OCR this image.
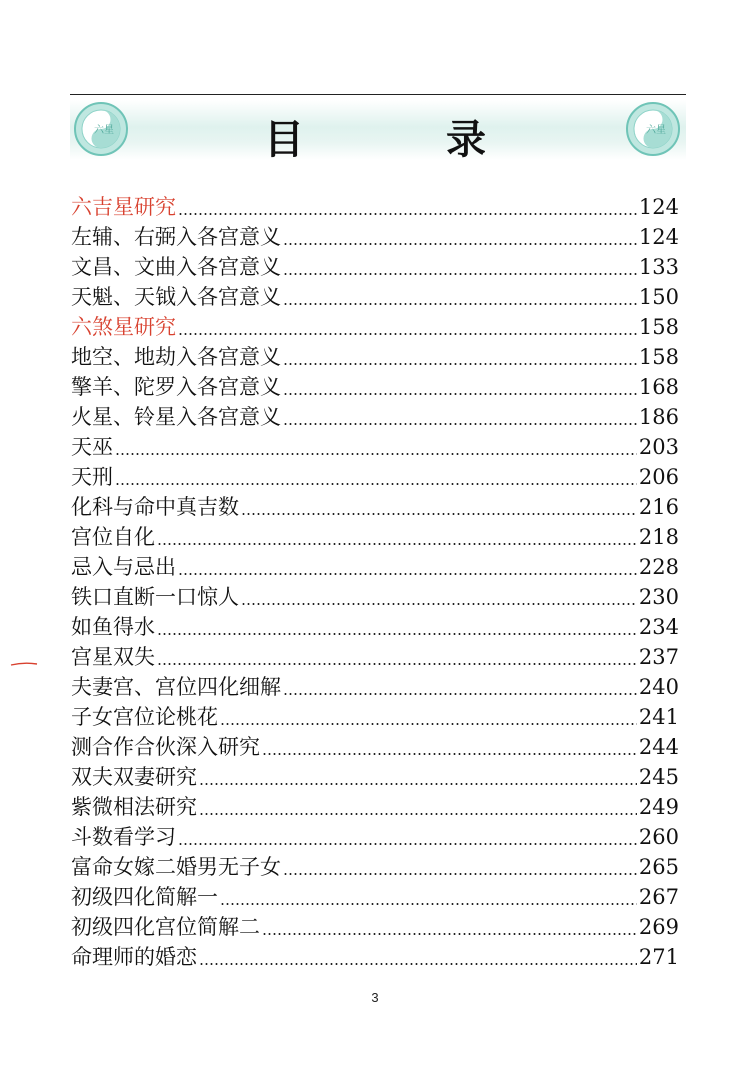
六星	六星
目 录
六吉星研究	124
左辅、右弼入各宫意义	124
文昌、文曲入各宫意义	133
天魁、天钺入各宫意义	150
六煞星研究	158
地空、地劫入各宫意义	158
擎羊、陀罗入各宫意义	168
火星、铃星入各宫意义	186
天巫	203
天刑	206
化科与命中真吉数	216
宫位自化	218
忌入与忌出	228
铁口直断一口惊人	230
如鱼得水	234
宫星双失	237
夫妻宫、宫位四化细解	240
子女宫位论桃花	241
测合作合伙深入研究	244
双夫双妻研究	245
紫微相法研究	249
斗数看学习	260
富命女嫁二婚男无子女	265
初级四化简解一	267
初级四化宫位简解二	269
命理师的婚恋	271
3
